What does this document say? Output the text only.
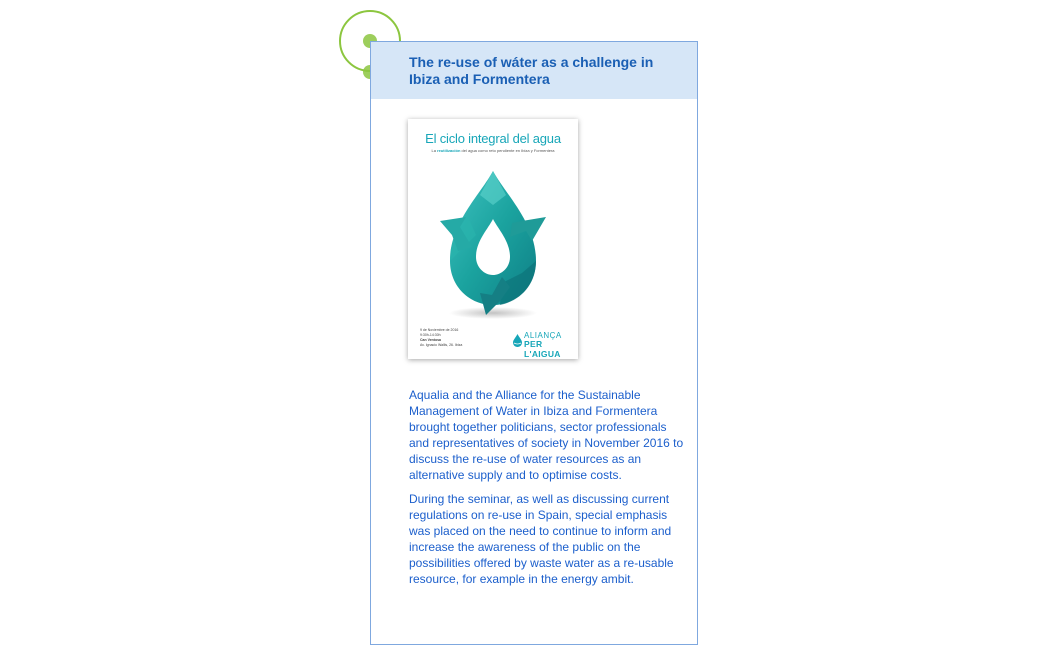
The re-use of wáter as a challenge in Ibiza and Formentera
El ciclo integral del agua
La reutilización del agua como reto pendiente en Ibiza y Formentera
9 de Noviembre de 2016
9:30h-14:30h
Can Ventosa
Av. Ignacio Wallis, 26. Ibiza
ALIANÇA
PER L'AIGUA

Aqualia and the Alliance for the Sustainable Management of Water in Ibiza and Formentera brought together politicians, sector professionals and representatives of society in November 2016 to discuss the re-use of water resources as an alternative supply and to optimise costs.

During the seminar, as well as discussing current regulations on re-use in Spain, special emphasis was placed on the need to continue to inform and increase the awareness of the public on the possibilities offered by waste water as a re-usable resource, for example in the energy ambit.
